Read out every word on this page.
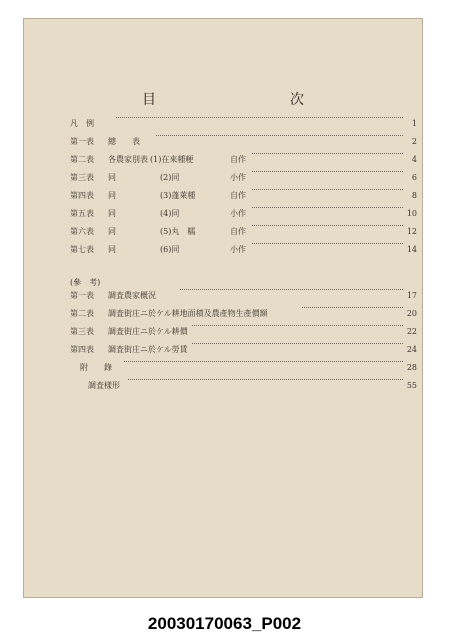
目　次
凡　例	1
第一表 總　　表	2
第二表 各農家別表 (1)在來種粳	自作	4
第三表 同	(2)同	小作	6
第四表 同	(3)蓬萊種	自作	8
第五表 同	(4)同	小作	10
第六表 同	(5)丸　糯	自作	12
第七表 同	(6)同	小作	14
(參　考)
第一表 調査農家概況	17
第二表 調査街庄ニ於ケル耕地面積及農產物生產價額	20
第三表 調査街庄ニ於ケル耕價	22
第四表 調査街庄ニ於ケル勞賃	24
附　　錄	28
調査樣形	55
20030170063_P002
